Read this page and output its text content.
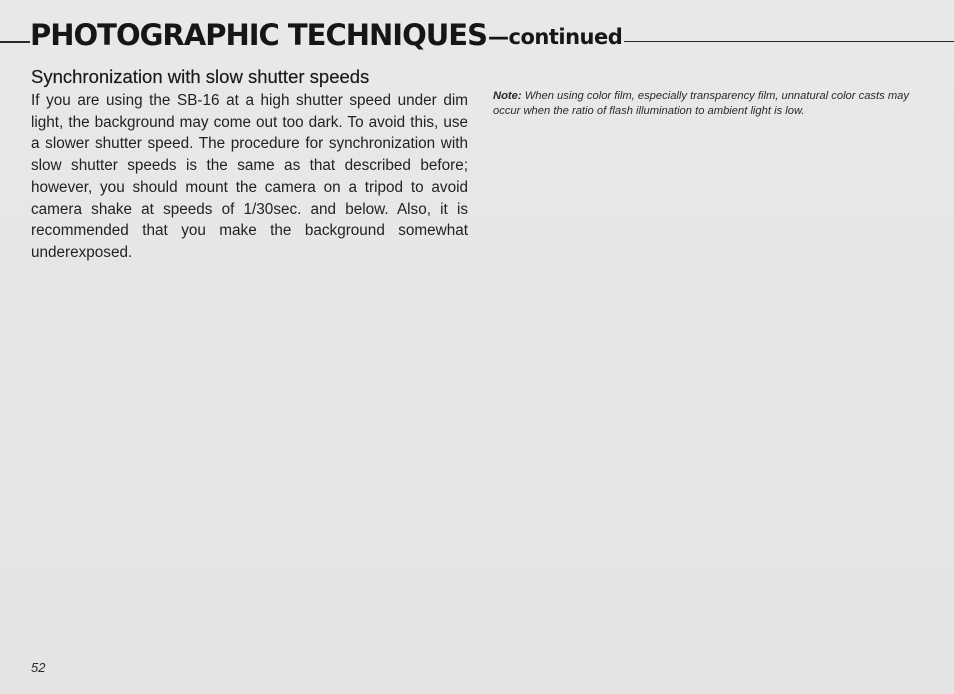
PHOTOGRAPHIC TECHNIQUES —continued
Synchronization with slow shutter speeds

If you are using the SB-16 at a high shutter speed under dim light, the background may come out too dark. To avoid this, use a slower shutter speed. The procedure for synchronization with slow shutter speeds is the same as that described before; however, you should mount the camera on a tripod to avoid camera shake at speeds of 1/30sec. and below. Also, it is recommended that you make the background somewhat underexposed.

Note: When using color film, especially transparency film, unnatural color casts may occur when the ratio of flash illumination to ambient light is low.
52
